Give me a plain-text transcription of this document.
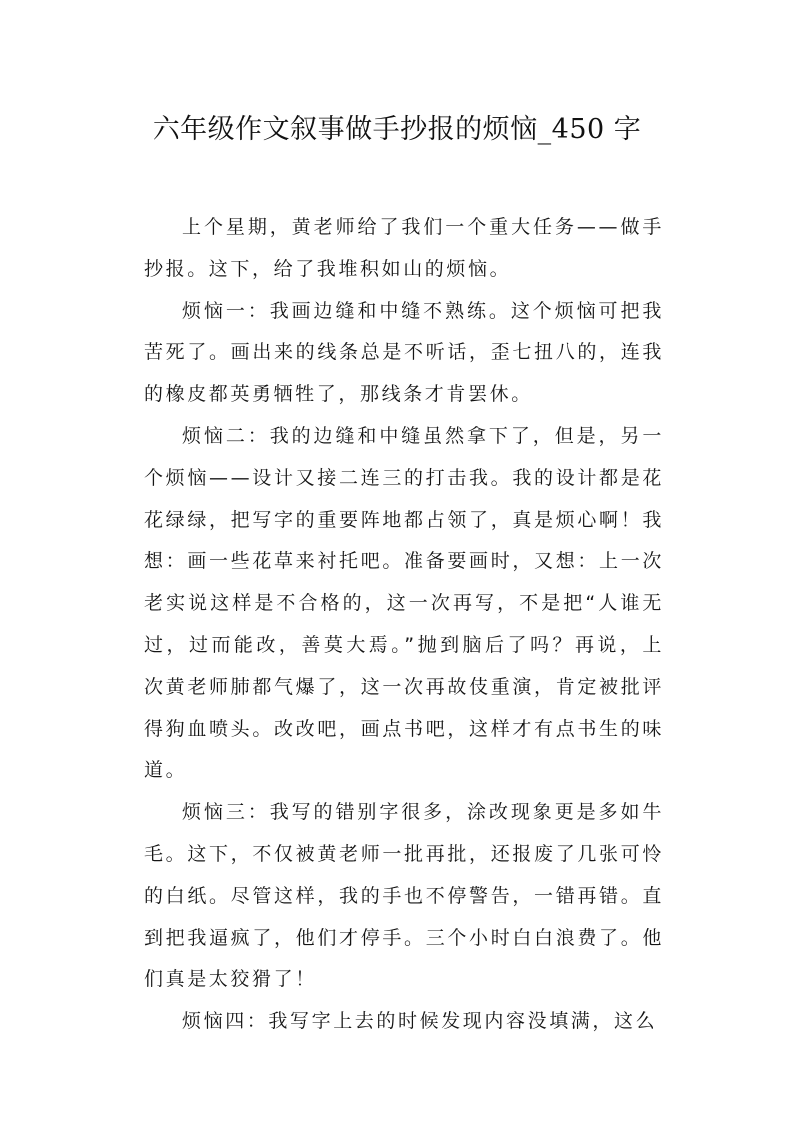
六年级作文叙事做手抄报的烦恼_450 字

上个星期，黄老师给了我们一个重大任务——做手抄报。这下，给了我堆积如山的烦恼。

烦恼一：我画边缝和中缝不熟练。这个烦恼可把我苦死了。画出来的线条总是不听话，歪七扭八的，连我的橡皮都英勇牺牲了，那线条才肯罢休。

烦恼二：我的边缝和中缝虽然拿下了，但是，另一个烦恼——设计又接二连三的打击我。我的设计都是花花绿绿，把写字的重要阵地都占领了，真是烦心啊！我想：画一些花草来衬托吧。准备要画时，又想：上一次老实说这样是不合格的，这一次再写，不是把“人谁无过，过而能改，善莫大焉。”抛到脑后了吗？再说，上次黄老师肺都气爆了，这一次再故伎重演，肯定被批评得狗血喷头。改改吧，画点书吧，这样才有点书生的味道。

烦恼三：我写的错别字很多，涂改现象更是多如牛毛。这下，不仅被黄老师一批再批，还报废了几张可怜的白纸。尽管这样，我的手也不停警告，一错再错。直到把我逼疯了，他们才停手。三个小时白白浪费了。他们真是太狡猾了！

烦恼四：我写字上去的时候发现内容没填满，这么
